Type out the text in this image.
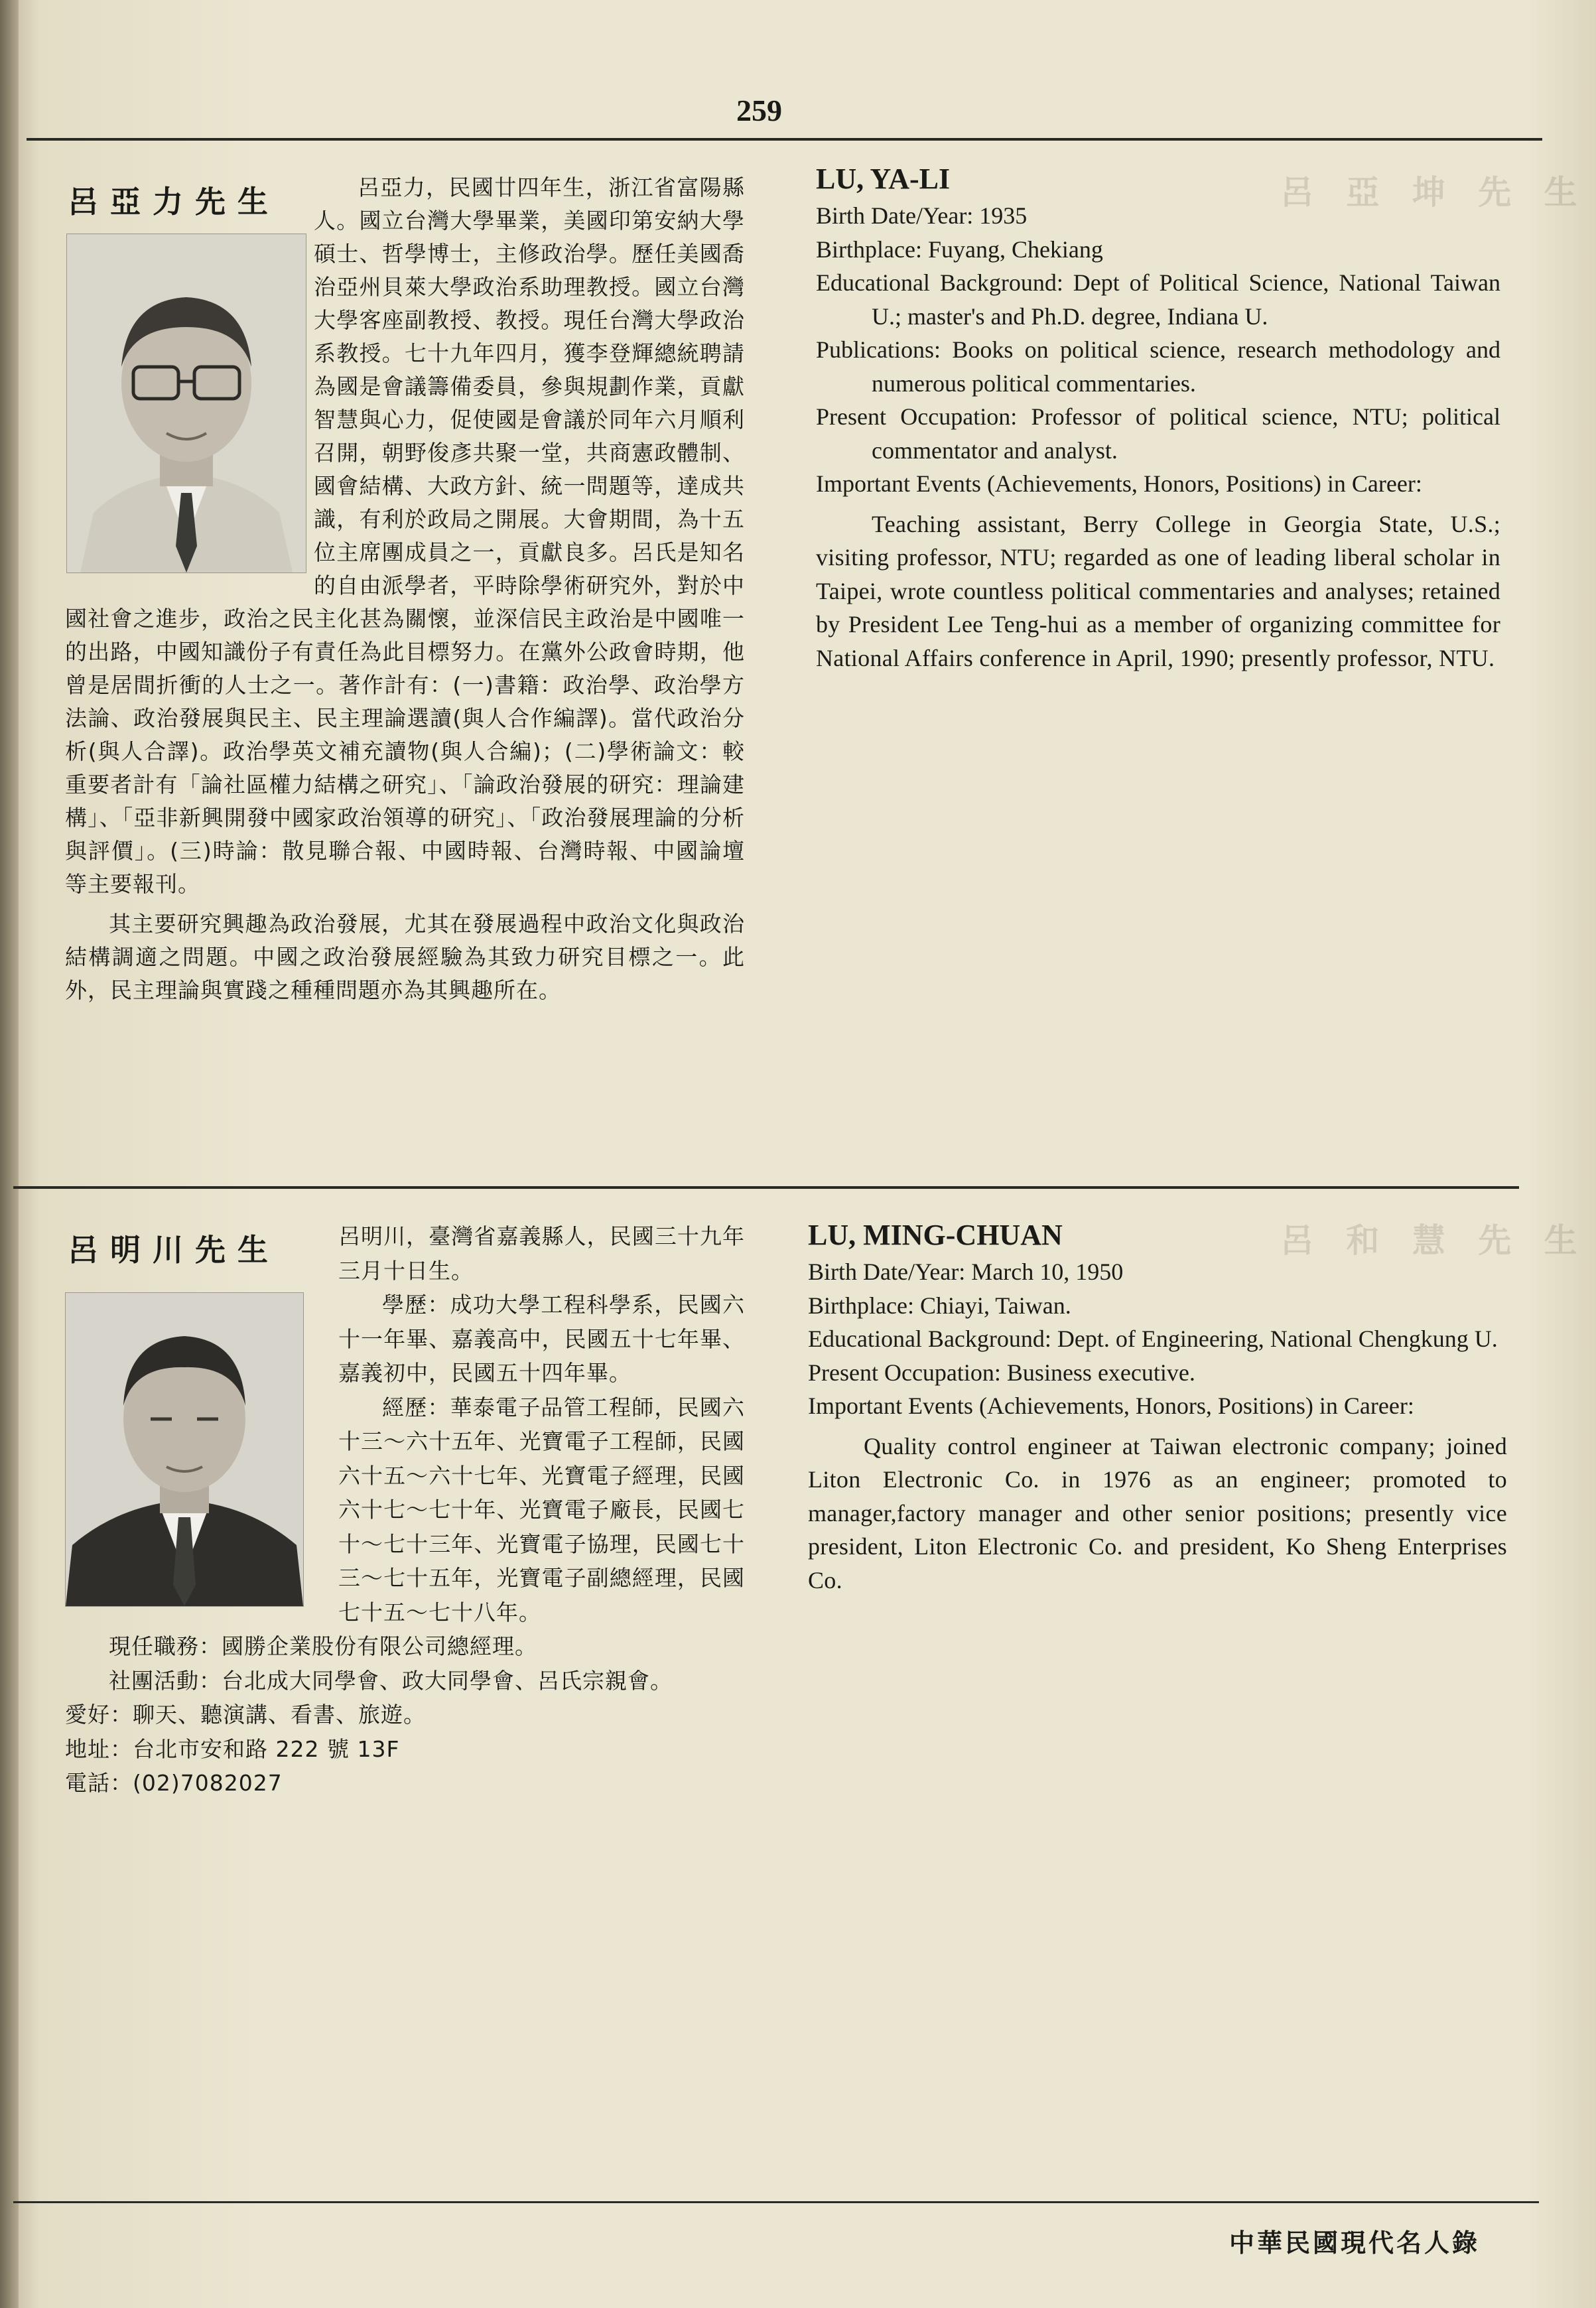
呂 亞 坤 先 生
呂 和 慧 先 生
259
呂亞力先生	呂亞力，民國廿四年生，浙江省富陽縣人。國立台灣大學畢業，美國印第安納大學碩士、哲學博士，主修政治學。歷任美國喬治亞州貝萊大學政治系助理教授。國立台灣大學客座副教授、教授。現任台灣大學政治系教授。七十九年四月，獲李登輝總統聘請為國是會議籌備委員，參與規劃作業，貢獻智慧與心力，促使國是會議於同年六月順利召開，朝野俊彥共聚一堂，共商憲政體制、國會結構、大政方針、統一問題等，達成共識，有利於政局之開展。大會期間，為十五位主席團成員之一，貢獻良多。呂氏是知名的自由派學者，平時除學術研究外，對於中國社會之進步，政治之民主化甚為關懷，並深信民主政治是中國唯一的出路，中國知識份子有責任為此目標努力。在黨外公政會時期，他曾是居間折衝的人士之一。著作計有：(一)書籍：政治學、政治學方法論、政治發展與民主、民主理論選讀(與人合作編譯)。當代政治分析(與人合譯)。政治學英文補充讀物(與人合編)；(二)學術論文：較重要者計有「論社區權力結構之研究」、「論政治發展的研究：理論建構」、「亞非新興開發中國家政治領導的研究」、「政治發展理論的分析與評價」。(三)時論：散見聯合報、中國時報、台灣時報、中國論壇等主要報刊。

其主要研究興趣為政治發展，尤其在發展過程中政治文化與政治結構調適之問題。中國之政治發展經驗為其致力研究目標之一。此外，民主理論與實踐之種種問題亦為其興趣所在。

LU, YA-LI

Birth Date/Year: 1935

Birthplace: Fuyang, Chekiang

Educational Background: Dept of Political Science, National Taiwan U.; master's and Ph.D. degree, Indiana U.

Publications: Books on political science, research methodology and numerous political commentaries.

Present Occupation: Professor of political science, NTU; political commentator and analyst.

Important Events (Achievements, Honors, Positions) in Career:

Teaching assistant, Berry College in Georgia State, U.S.; visiting professor, NTU; regarded as one of leading liberal scholar in Taipei, wrote countless political commentaries and analyses; retained by President Lee Teng-hui as a member of organizing committee for National Affairs conference in April, 1990; presently professor, NTU.

呂明川先生	呂明川，臺灣省嘉義縣人，民國三十九年三月十日生。

學歷：成功大學工程科學系，民國六十一年畢、嘉義高中，民國五十七年畢、嘉義初中，民國五十四年畢。

經歷：華泰電子品管工程師，民國六十三～六十五年、光寶電子工程師，民國六十五～六十七年、光寶電子經理，民國六十七～七十年、光寶電子廠長，民國七十～七十三年、光寶電子協理，民國七十三～七十五年，光寶電子副總經理，民國七十五～七十八年。

現任職務：國勝企業股份有限公司總經理。

社團活動：台北成大同學會、政大同學會、呂氏宗親會。

愛好：聊天、聽演講、看書、旅遊。

地址：台北市安和路 222 號 13F

電話：(02)7082027

LU, MING-CHUAN

Birth Date/Year: March 10, 1950

Birthplace: Chiayi, Taiwan.

Educational Background: Dept. of Engineering, National Chengkung U.

Present Occupation: Business executive.

Important Events (Achievements, Honors, Positions) in Career:

Quality control engineer at Taiwan electronic company; joined Liton Electronic Co. in 1976 as an engineer; promoted to manager,factory manager and other senior positions; presently vice president, Liton Electronic Co. and president, Ko Sheng Enterprises Co.

中華民國現代名人錄
